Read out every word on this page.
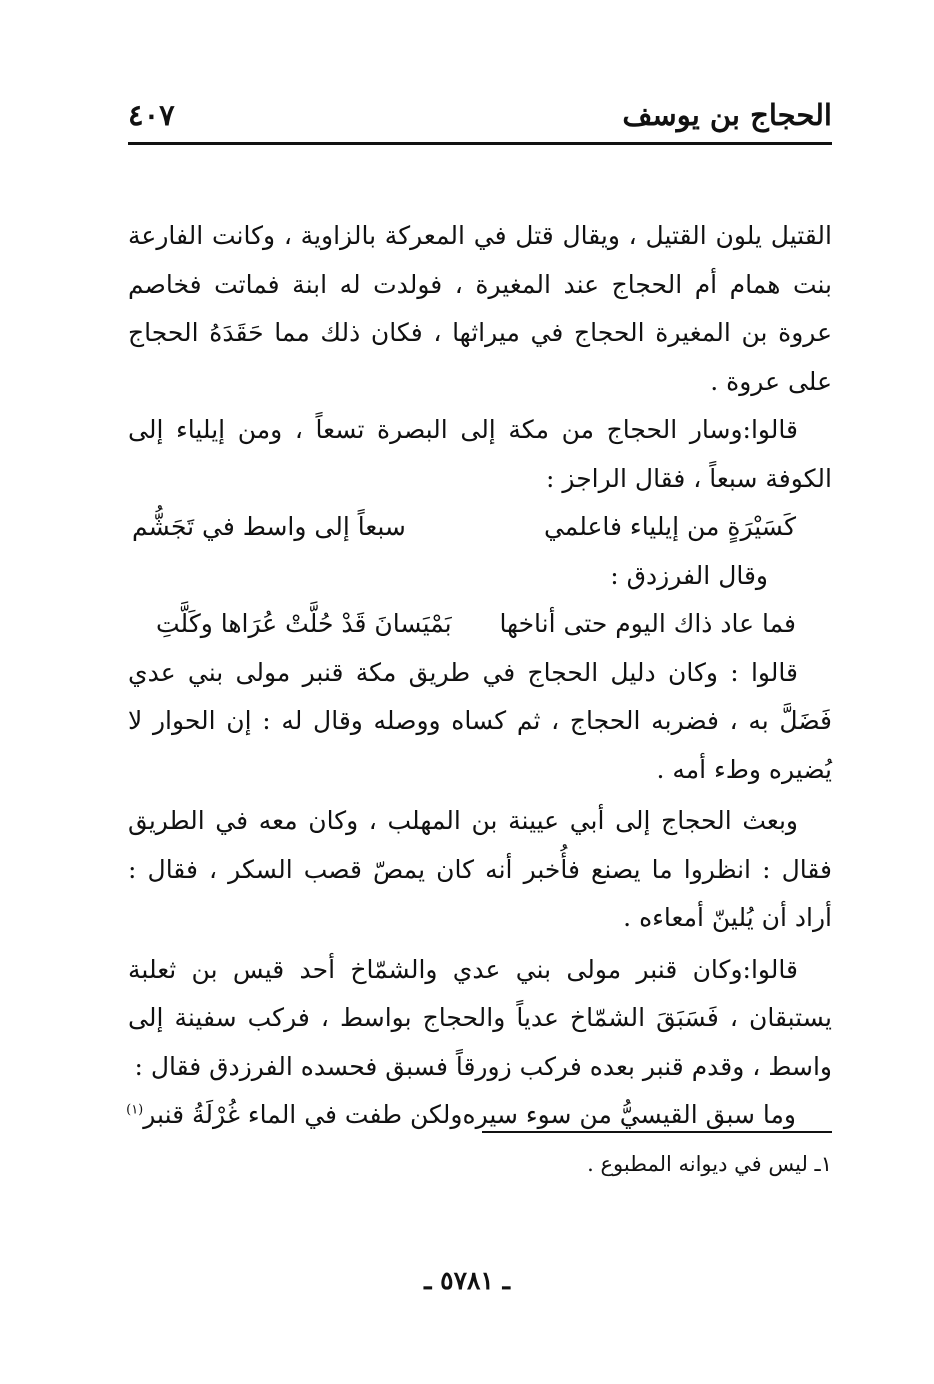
الحجاج بن يوسف
٤٠٧

القتيل يلون القتيل ، ويقال قتل في المعركة بالزاوية ، وكانت الفارعة بنت همام أم الحجاج عند المغيرة ، فولدت له ابنة فماتت فخاصم عروة بن المغيرة الحجاج في ميراثها ، فكان ذلك مما حَقَدَهُ الحجاج على عروة .

قالوا:وسار الحجاج من مكة إلى البصرة تسعاً ، ومن إيلياء إلى الكوفة سبعاً ، فقال الراجز :

كَسَيْرَةٍ من إيلياء فاعلمي
سبعاً إلى واسط في تَجَشُّم
وقال الفرزدق :
فما عاد ذاك اليوم حتى أناخها
بَمْيَسانَ قَدْ حُلَّتْ عُرَاها وكَلَّتِ

قالوا : وكان دليل الحجاج في طريق مكة قنبر مولى بني عدي فَضَلَّ به ، فضربه الحجاج ، ثم كساه ووصله وقال له : إن الحوار لا يُضيره وطء أمه .

وبعث الحجاج إلى أبي عيينة بن المهلب ، وكان معه في الطريق فقال : انظروا ما يصنع فأُخبر أنه كان يمصّ قصب السكر ، فقال : أراد أن يُلينّ أمعاءه .

قالوا:وكان قنبر مولى بني عدي والشمّاخ أحد قيس بن ثعلبة يستبقان ، فَسَبَقَ الشمّاخ عدياً والحجاج بواسط ، فركب سفينة إلى واسط ، وقدم قنبر بعده فركب زورقاً فسبق فحسده الفرزدق فقال :

وما سبق القيسيُّ من سوء سيره
ولكن طفت في الماء غُرْلَةُ قنبر$^{(١)}$
١ـ ليس في ديوانه المطبوع .
ـ ٥٧٨١ ـ
